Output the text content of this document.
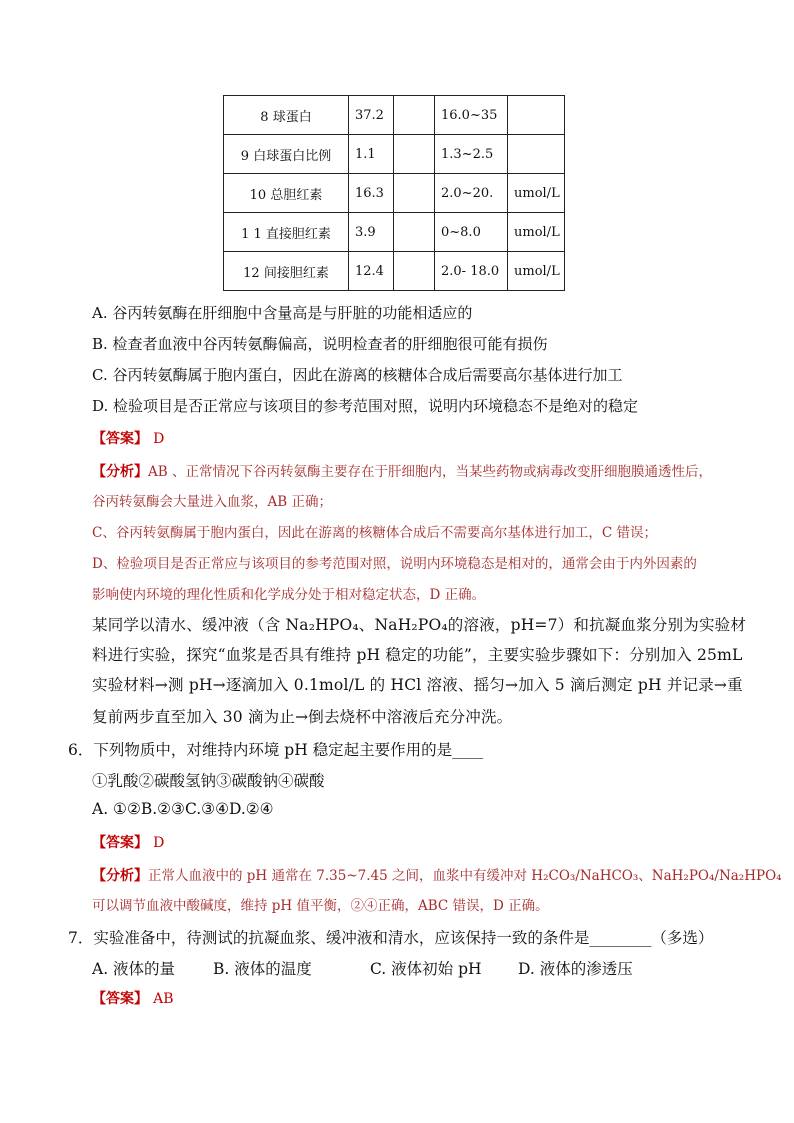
8 球蛋白	37.2		16.0~35	
9 白球蛋白比例	1.1		1.3~2.5	
10 总胆红素	16.3		2.0~20.	umol/L
1 1 直接胆红素	3.9		0~8.0	umol/L
12 间接胆红素	12.4		2.0- 18.0	umol/L
A. 谷丙转氨酶在肝细胞中含量高是与肝脏的功能相适应的
B. 检查者血液中谷丙转氨酶偏高，说明检查者的肝细胞很可能有损伤
C. 谷丙转氨酶属于胞内蛋白，因此在游离的核糖体合成后需要高尔基体进行加工
D. 检验项目是否正常应与该项目的参考范围对照，说明内环境稳态不是绝对的稳定
【答案】 D
【分析】AB 、正常情况下谷丙转氨酶主要存在于肝细胞内，当某些药物或病毒改变肝细胞膜通透性后，
谷丙转氨酶会大量进入血浆，AB 正确；
C、谷丙转氨酶属于胞内蛋白，因此在游离的核糖体合成后不需要高尔基体进行加工，C 错误；
D、检验项目是否正常应与该项目的参考范围对照，说明内环境稳态是相对的，通常会由于内外因素的
影响使内环境的理化性质和化学成分处于相对稳定状态，D 正确。
某同学以清水、缓冲液（含 Na₂HPO₄、NaH₂PO₄的溶液，pH=7）和抗凝血浆分别为实验材
料进行实验，探究“血浆是否具有维持 pH 稳定的功能”，主要实验步骤如下：分别加入 25mL
实验材料→测 pH→逐滴加入 0.1mol/L 的 HCl 溶液、摇匀→加入 5 滴后测定 pH 并记录→重
复前两步直至加入 30 滴为止→倒去烧杯中溶液后充分冲洗。
6．下列物质中，对维持内环境 pH 稳定起主要作用的是____
①乳酸②碳酸氢钠③碳酸钠④碳酸
A. ①②B.②③C.③④D.②④
【答案】 D
【分析】正常人血液中的 pH 通常在 7.35~7.45 之间，血浆中有缓冲对 H₂CO₃/NaHCO₃、NaH₂PO₄/Na₂HPO₄
可以调节血液中酸碱度，维持 pH 值平衡，②④正确，ABC 错误，D 正确。
7．实验准备中，待测试的抗凝血浆、缓冲液和清水，应该保持一致的条件是________（多选）
A. 液体的量 B. 液体的温度	C. 液体初始 pH D. 液体的渗透压
【答案】 AB
